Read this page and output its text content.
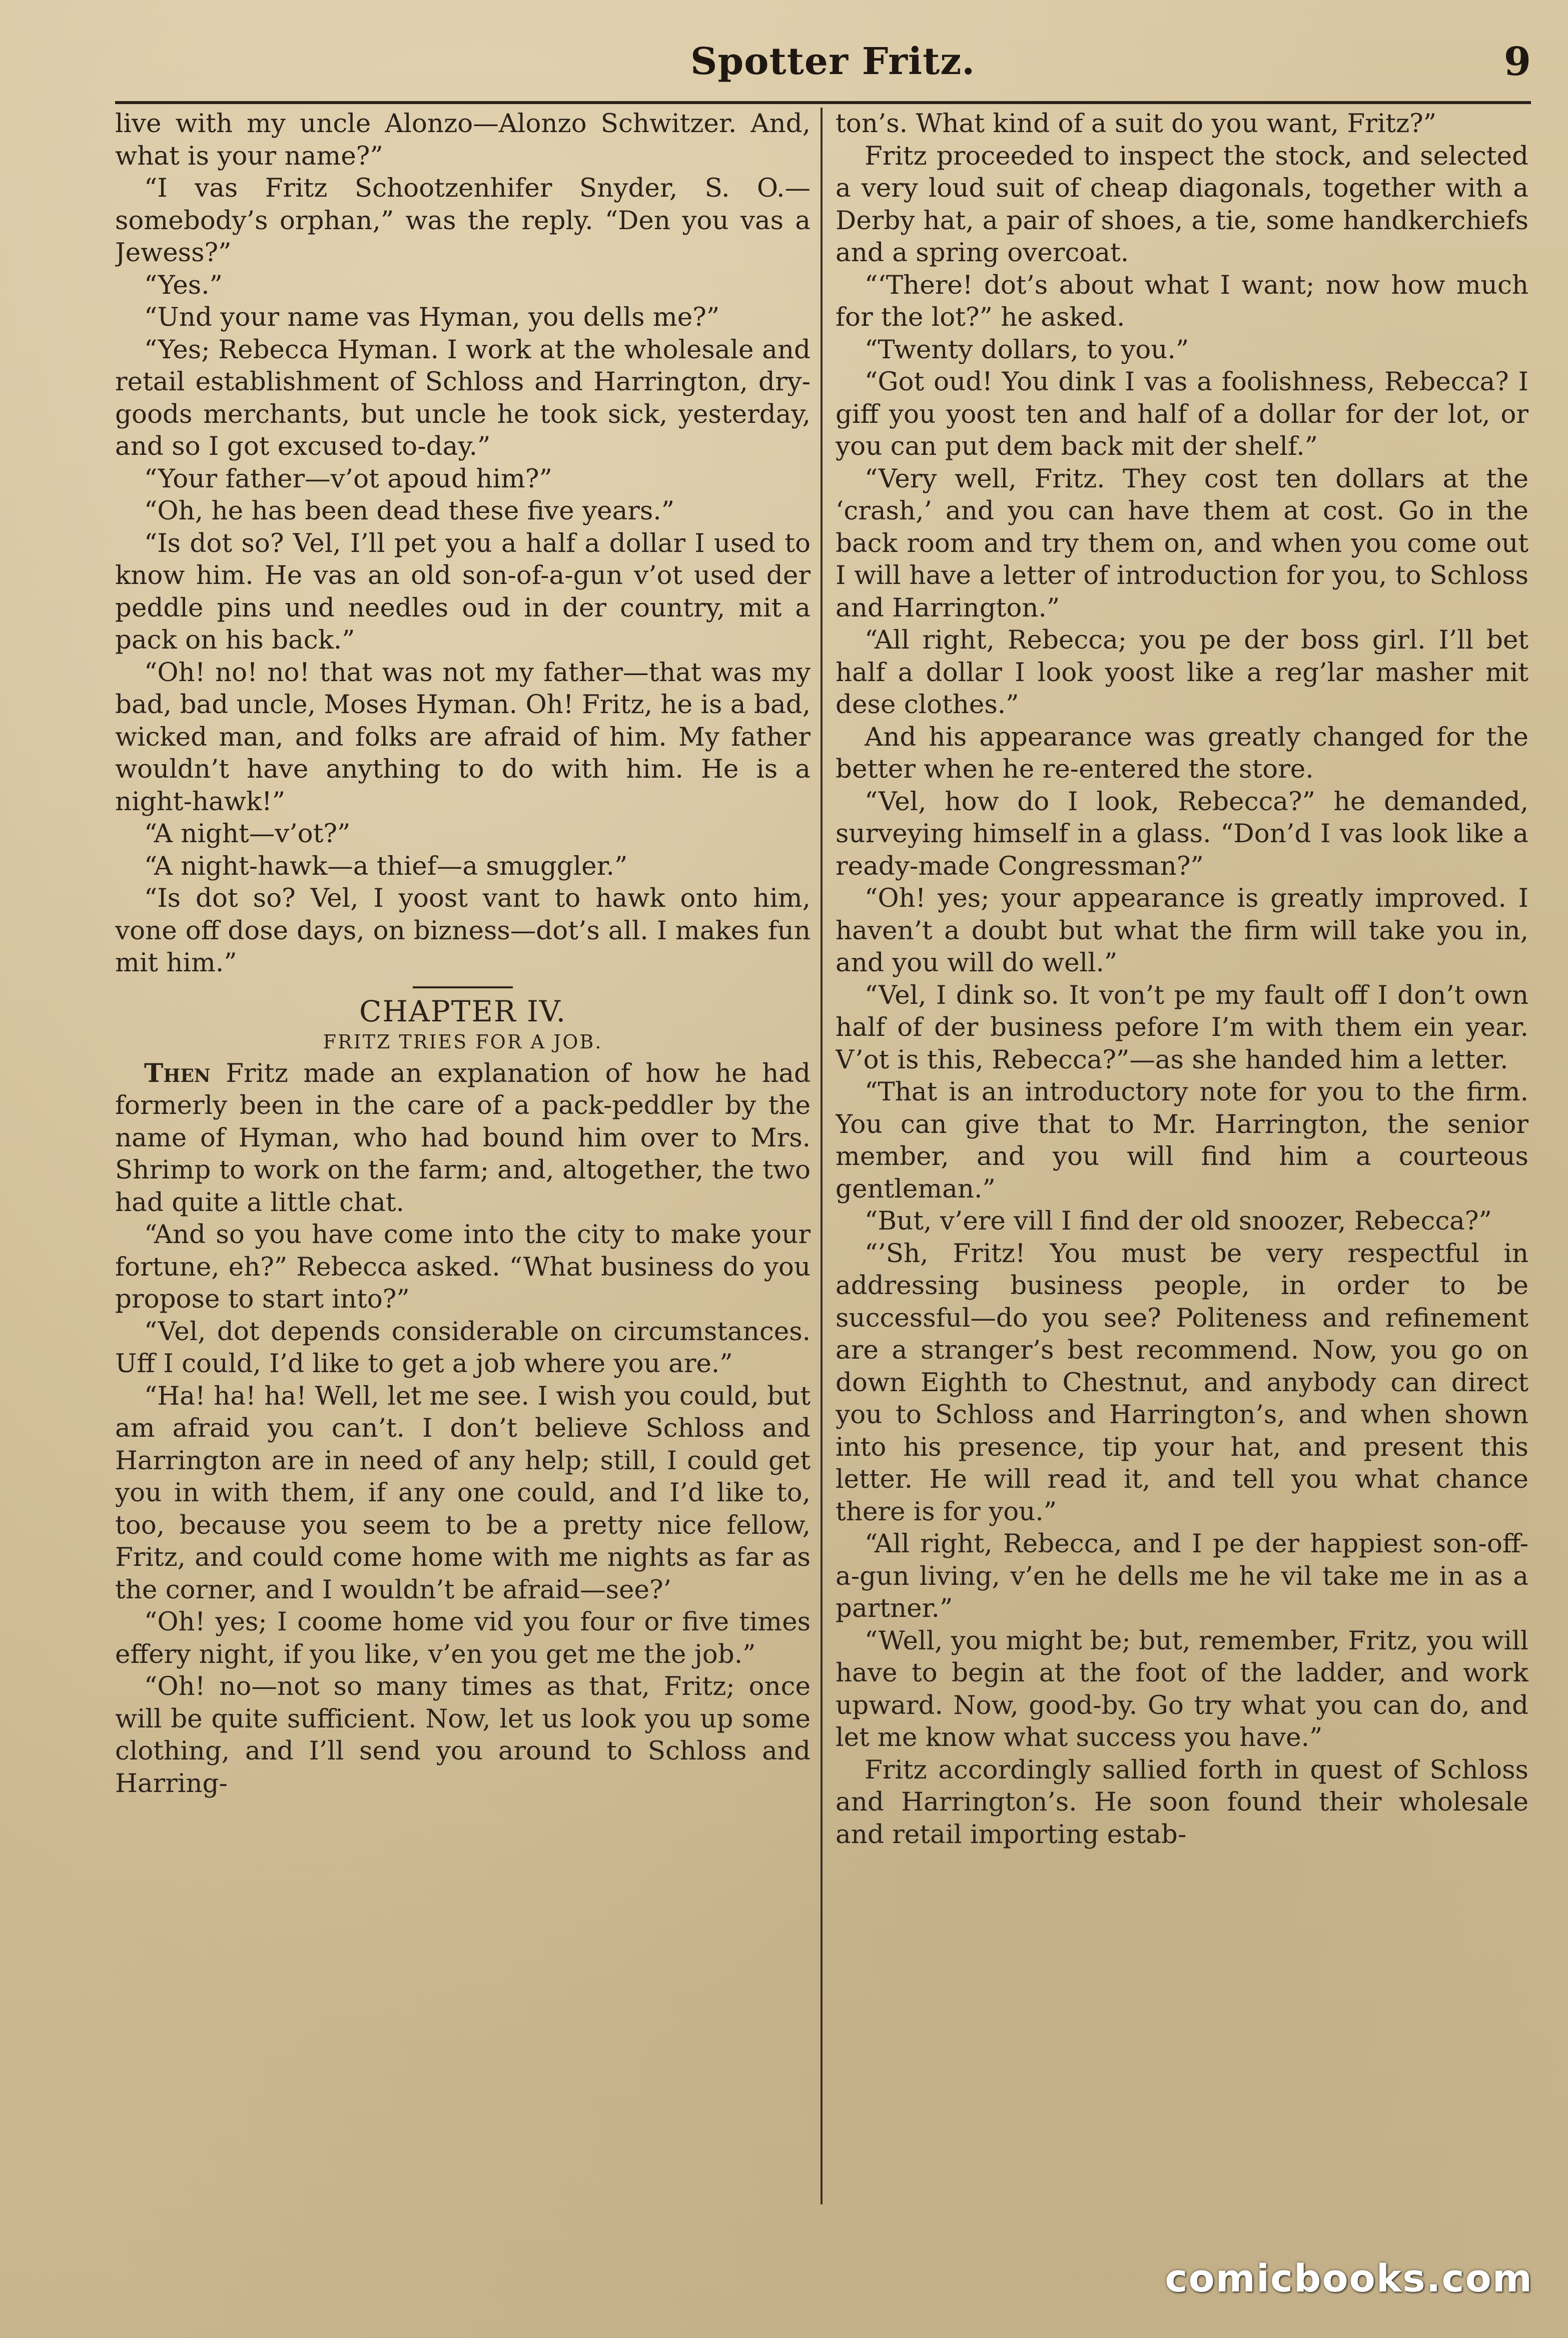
Spotter Fritz.	9

live with my uncle Alonzo—Alonzo Schwitzer. And, what is your name?”

“I vas Fritz Schootzenhifer Snyder, S. O.—somebody’s orphan,” was the reply. “Den you vas a Jewess?”

“Yes.”

“Und your name vas Hyman, you dells me?”

“Yes; Rebecca Hyman. I work at the wholesale and retail establishment of Schloss and Harrington, dry-goods merchants, but uncle he took sick, yesterday, and so I got excused to-day.”

“Your father—v’ot apoud him?”

“Oh, he has been dead these five years.”

“Is dot so? Vel, I’ll pet you a half a dollar I used to know him. He vas an old son-of-a-gun v’ot used der peddle pins und needles oud in der country, mit a pack on his back.”

“Oh! no! no! that was not my father—that was my bad, bad uncle, Moses Hyman. Oh! Fritz, he is a bad, wicked man, and folks are afraid of him. My father wouldn’t have anything to do with him. He is a night-hawk!”

“A night—v’ot?”

“A night-hawk—a thief—a smuggler.”

“Is dot so? Vel, I yoost vant to hawk onto him, vone off dose days, on bizness—dot’s all. I makes fun mit him.”

CHAPTER IV.

FRITZ TRIES FOR A JOB.

Then Fritz made an explanation of how he had formerly been in the care of a pack-peddler by the name of Hyman, who had bound him over to Mrs. Shrimp to work on the farm; and, altogether, the two had quite a little chat.

“And so you have come into the city to make your fortune, eh?” Rebecca asked. “What business do you propose to start into?”

“Vel, dot depends considerable on circumstances. Uff I could, I’d like to get a job where you are.”

“Ha! ha! ha! Well, let me see. I wish you could, but am afraid you can’t. I don’t believe Schloss and Harrington are in need of any help; still, I could get you in with them, if any one could, and I’d like to, too, because you seem to be a pretty nice fellow, Fritz, and could come home with me nights as far as the corner, and I wouldn’t be afraid—see?’

“Oh! yes; I coome home vid you four or five times effery night, if you like, v’en you get me the job.”

“Oh! no—not so many times as that, Fritz; once will be quite sufficient. Now, let us look you up some clothing, and I’ll send you around to Schloss and Harring-

ton’s. What kind of a suit do you want, Fritz?”

Fritz proceeded to inspect the stock, and selected a very loud suit of cheap diagonals, together with a Derby hat, a pair of shoes, a tie, some handkerchiefs and a spring overcoat.

“‘There! dot’s about what I want; now how much for the lot?” he asked.

“Twenty dollars, to you.”

“Got oud! You dink I vas a foolishness, Rebecca? I giff you yoost ten and half of a dollar for der lot, or you can put dem back mit der shelf.”

“Very well, Fritz. They cost ten dollars at the ‘crash,’ and you can have them at cost. Go in the back room and try them on, and when you come out I will have a letter of introduction for you, to Schloss and Harrington.”

“All right, Rebecca; you pe der boss girl. I’ll bet half a dollar I look yoost like a reg’lar masher mit dese clothes.”

And his appearance was greatly changed for the better when he re-entered the store.

“Vel, how do I look, Rebecca?” he demanded, surveying himself in a glass. “Don’d I vas look like a ready-made Congressman?”

“Oh! yes; your appearance is greatly improved. I haven’t a doubt but what the firm will take you in, and you will do well.”

“Vel, I dink so. It von’t pe my fault off I don’t own half of der business pefore I’m with them ein year. V’ot is this, Rebecca?”—as she handed him a letter.

“That is an introductory note for you to the firm. You can give that to Mr. Harrington, the senior member, and you will find him a courteous gentleman.”

“But, v’ere vill I find der old snoozer, Rebecca?”

“’Sh, Fritz! You must be very respectful in addressing business people, in order to be successful—do you see? Politeness and refinement are a stranger’s best recommend. Now, you go on down Eighth to Chestnut, and anybody can direct you to Schloss and Harrington’s, and when shown into his presence, tip your hat, and present this letter. He will read it, and tell you what chance there is for you.”

“All right, Rebecca, and I pe der happiest son-off-a-gun living, v’en he dells me he vil take me in as a partner.”

“Well, you might be; but, remember, Fritz, you will have to begin at the foot of the ladder, and work upward. Now, good-by. Go try what you can do, and let me know what success you have.”

Fritz accordingly sallied forth in quest of Schloss and Harrington’s. He soon found their wholesale and retail importing estab-

comicbooks.com
